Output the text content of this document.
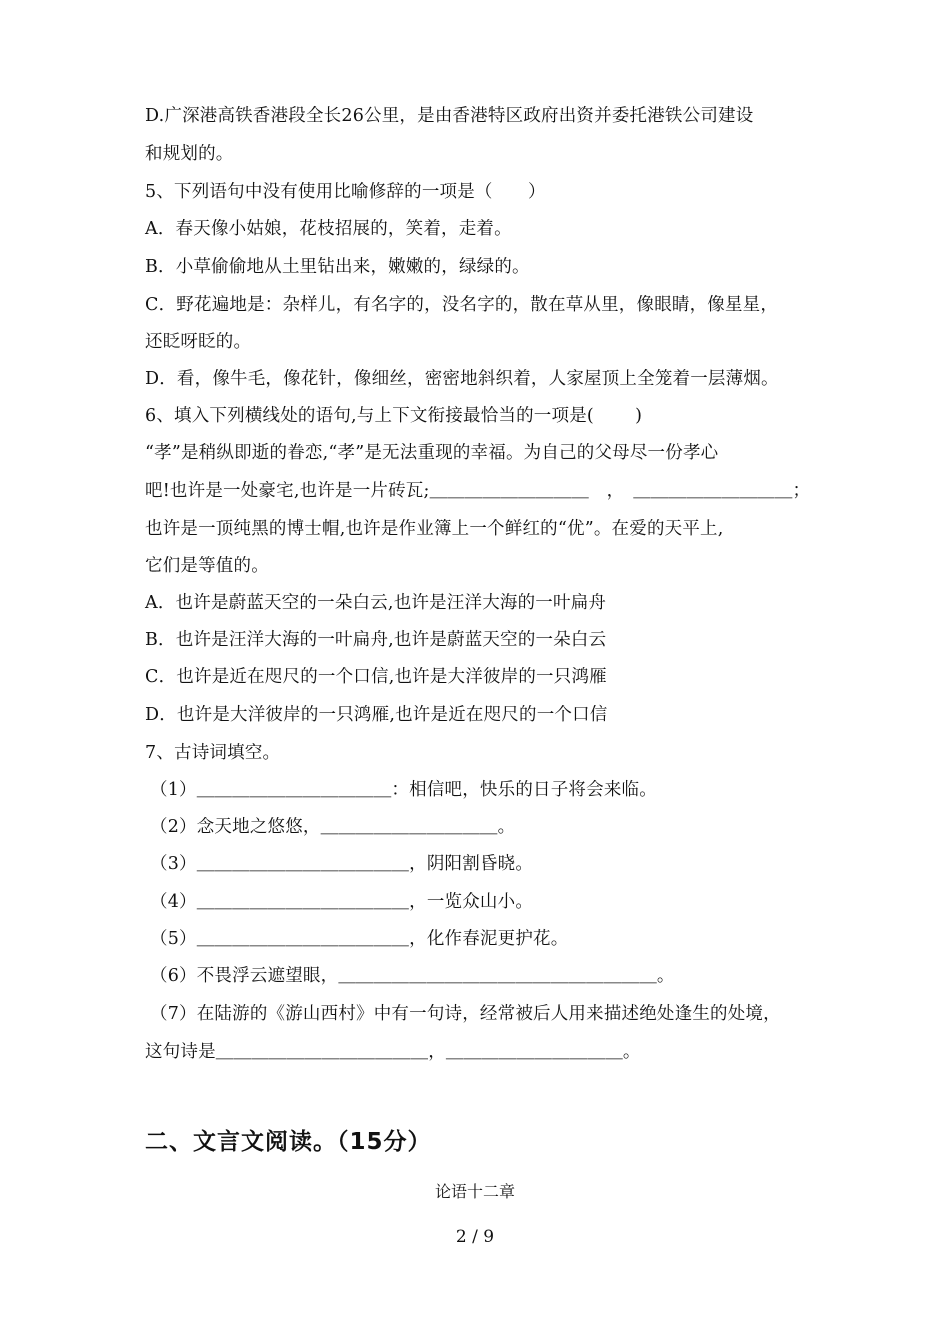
D.广深港高铁香港段全长26公里，是由香港特区政府出资并委托港铁公司建设
和规划的。
5、下列语句中没有使用比喻修辞的一项是（　　）
A．春天像小姑娘，花枝招展的，笑着，走着。
B．小草偷偷地从土里钻出来，嫩嫩的，绿绿的。
C．野花遍地是：杂样儿，有名字的，没名字的，散在草从里，像眼睛，像星星，
还眨呀眨的。
D．看，像牛毛，像花针，像细丝，密密地斜织着，人家屋顶上全笼着一层薄烟。
6、填入下列横线处的语句,与上下文衔接最恰当的一项是(　　 )
“孝”是稍纵即逝的眷恋,“孝”是无法重现的幸福。为自己的父母尽一份孝心
吧!也许是一处豪宅,也许是一片砖瓦;＿＿＿＿＿＿＿＿＿　，　＿＿＿＿＿＿＿＿＿；
也许是一顶纯黑的博士帽,也许是作业簿上一个鲜红的“优”。在爱的天平上,
它们是等值的。
A．也许是蔚蓝天空的一朵白云,也许是汪洋大海的一叶扁舟
B．也许是汪洋大海的一叶扁舟,也许是蔚蓝天空的一朵白云
C．也许是近在咫尺的一个口信,也许是大洋彼岸的一只鸿雁
D．也许是大洋彼岸的一只鸿雁,也许是近在咫尺的一个口信
7、古诗词填空。
（1）＿＿＿＿＿＿＿＿＿＿＿：相信吧，快乐的日子将会来临。
（2）念天地之悠悠，＿＿＿＿＿＿＿＿＿＿。
（3）＿＿＿＿＿＿＿＿＿＿＿＿，阴阳割昏晓。
（4）＿＿＿＿＿＿＿＿＿＿＿＿，一览众山小。
（5）＿＿＿＿＿＿＿＿＿＿＿＿，化作春泥更护花。
（6）不畏浮云遮望眼，＿＿＿＿＿＿＿＿＿＿＿＿＿＿＿＿＿＿。
（7）在陆游的《游山西村》中有一句诗，经常被后人用来描述绝处逢生的处境，
这句诗是＿＿＿＿＿＿＿＿＿＿＿＿，＿＿＿＿＿＿＿＿＿＿。
二、文言文阅读。（15分）
论语十二章
2 / 9
